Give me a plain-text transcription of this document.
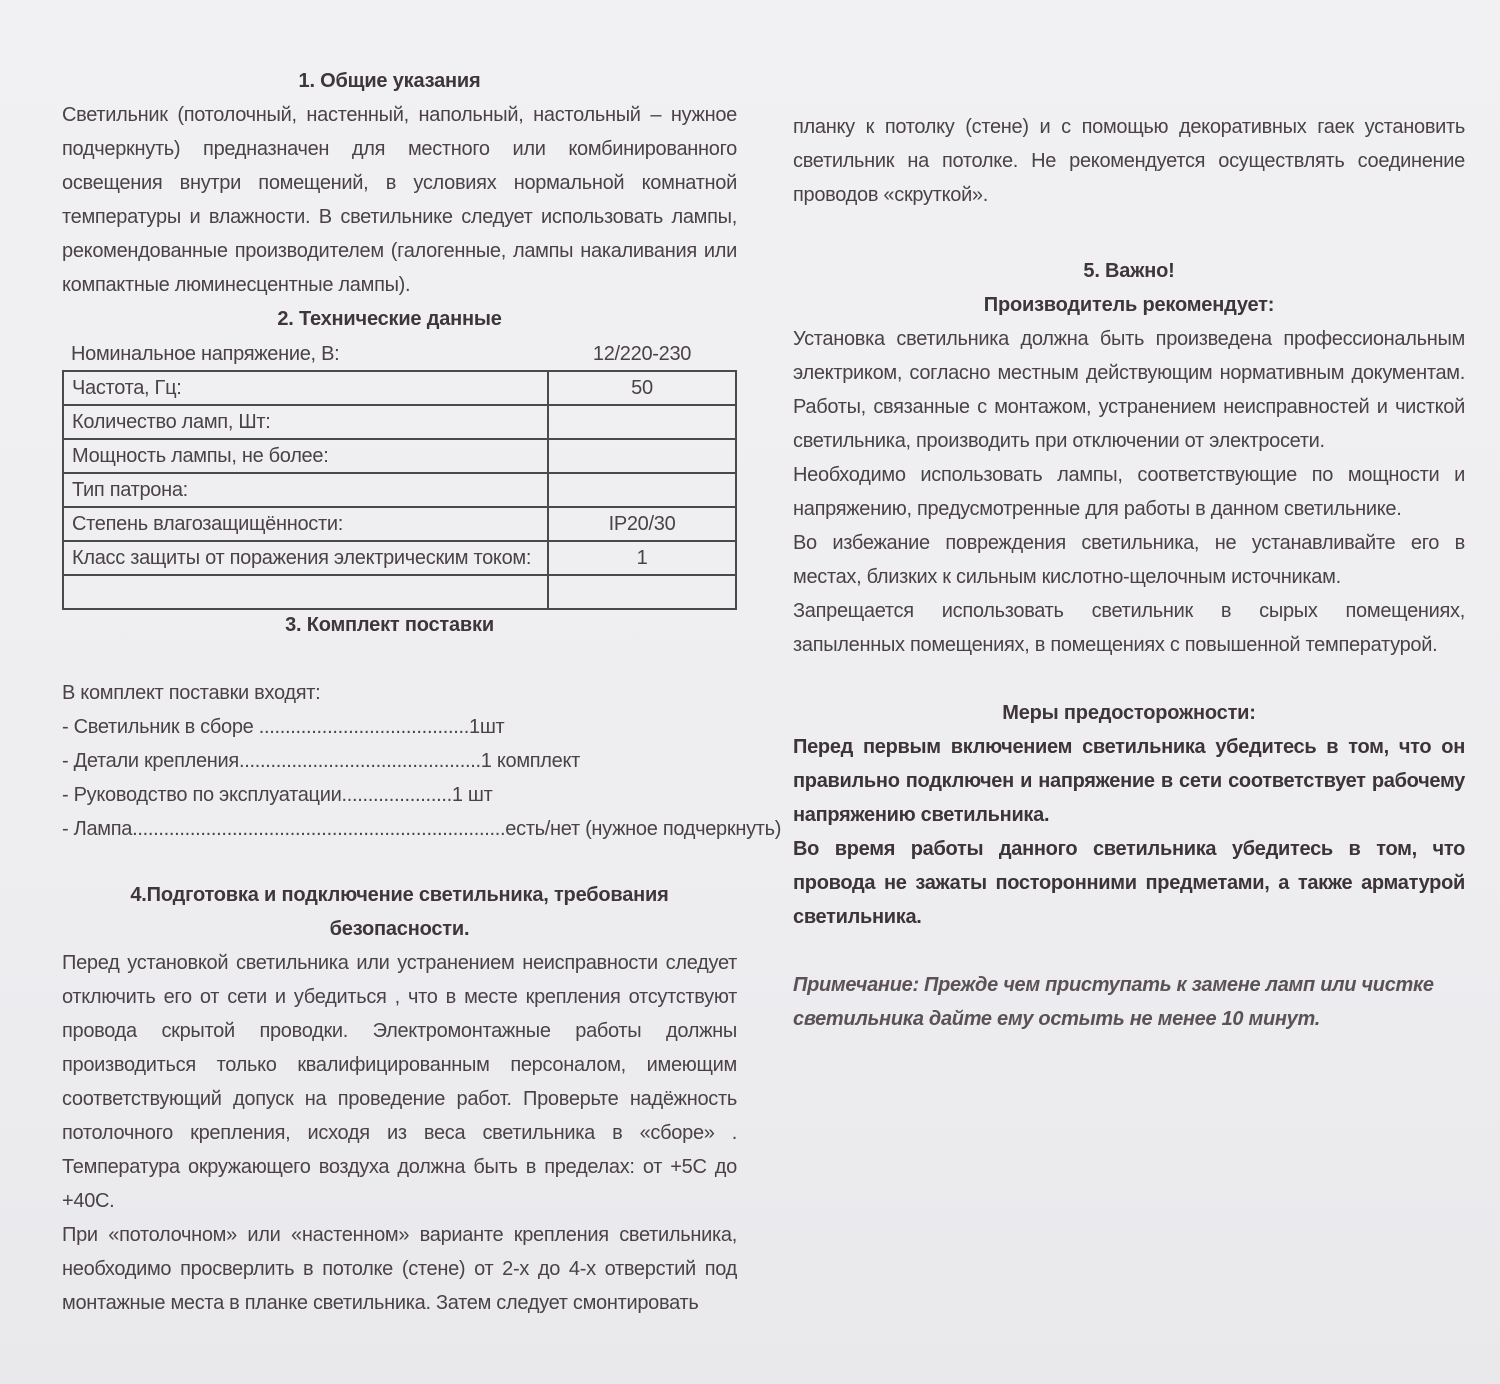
1. Общие указания

Светильник (потолочный, настенный, напольный, настольный – нужное подчеркнуть) предназначен для местного или комбинированного освещения внутри помещений, в условиях нормальной комнатной температуры и влажности. В светильнике следует использовать лампы, рекомендованные производителем (галогенные, лампы накаливания или компактные люминесцентные лампы).

2. Технические данные
Номинальное напряжение, В:	12/220-230
Частота, Гц:	50
Количество ламп, Шт:	
Мощность лампы, не более:	
Тип патрона:	
Степень влагозащищённости:	IP20/30
Класс защиты от поражения электрическим током:	1

3. Комплект поставки
В комплект поставки входят:
- Светильник в сборе ........................................1шт
- Детали крепления..............................................1 комплект
- Руководство по эксплуатации.....................1 шт
- Лампа.......................................................................есть/нет (нужное подчеркнуть)
4.Подготовка и подключение светильника, требования
безопасности.

Перед установкой светильника или устранением неисправности следует отключить его от сети и убедиться , что в месте крепления отсутствуют провода скрытой проводки. Электромонтажные работы должны производиться только квалифицированным персоналом, имеющим соответствующий допуск на проведение работ. Проверьте надёжность потолочного крепления, исходя из веса светильника в «сборе» . Температура окружающего воздуха должна быть в пределах: от +5С до +40С.

При «потолочном» или «настенном» варианте крепления светильника, необходимо просверлить в потолке (стене) от 2-х до 4-х отверстий под монтажные места в планке светильника. Затем следует смонтировать

планку к потолку (стене) и с помощью декоративных гаек установить светильник на потолке. Не рекомендуется осуществлять соединение проводов «скруткой».

5. Важно!
Производитель рекомендует:

Установка светильника должна быть произведена профессиональным электриком, согласно местным действующим нормативным документам. Работы, связанные с монтажом, устранением неисправностей и чисткой светильника, производить при отключении от электросети.

Необходимо использовать лампы, соответствующие по мощности и напряжению, предусмотренные для работы в данном светильнике.

Во избежание повреждения светильника, не устанавливайте его в местах, близких к сильным кислотно-щелочным источникам.

Запрещается использовать светильник в сырых помещениях, запыленных помещениях, в помещениях с повышенной температурой.

Меры предосторожности:

Перед первым включением светильника убедитесь в том, что он правильно подключен и напряжение в сети соответствует рабочему напряжению светильника.

Во время работы данного светильника убедитесь в том, что провода не зажаты посторонними предметами, а также арматурой светильника.

Примечание: Прежде чем приступать к замене ламп или чистке светильника дайте ему остыть не менее 10 минут.
